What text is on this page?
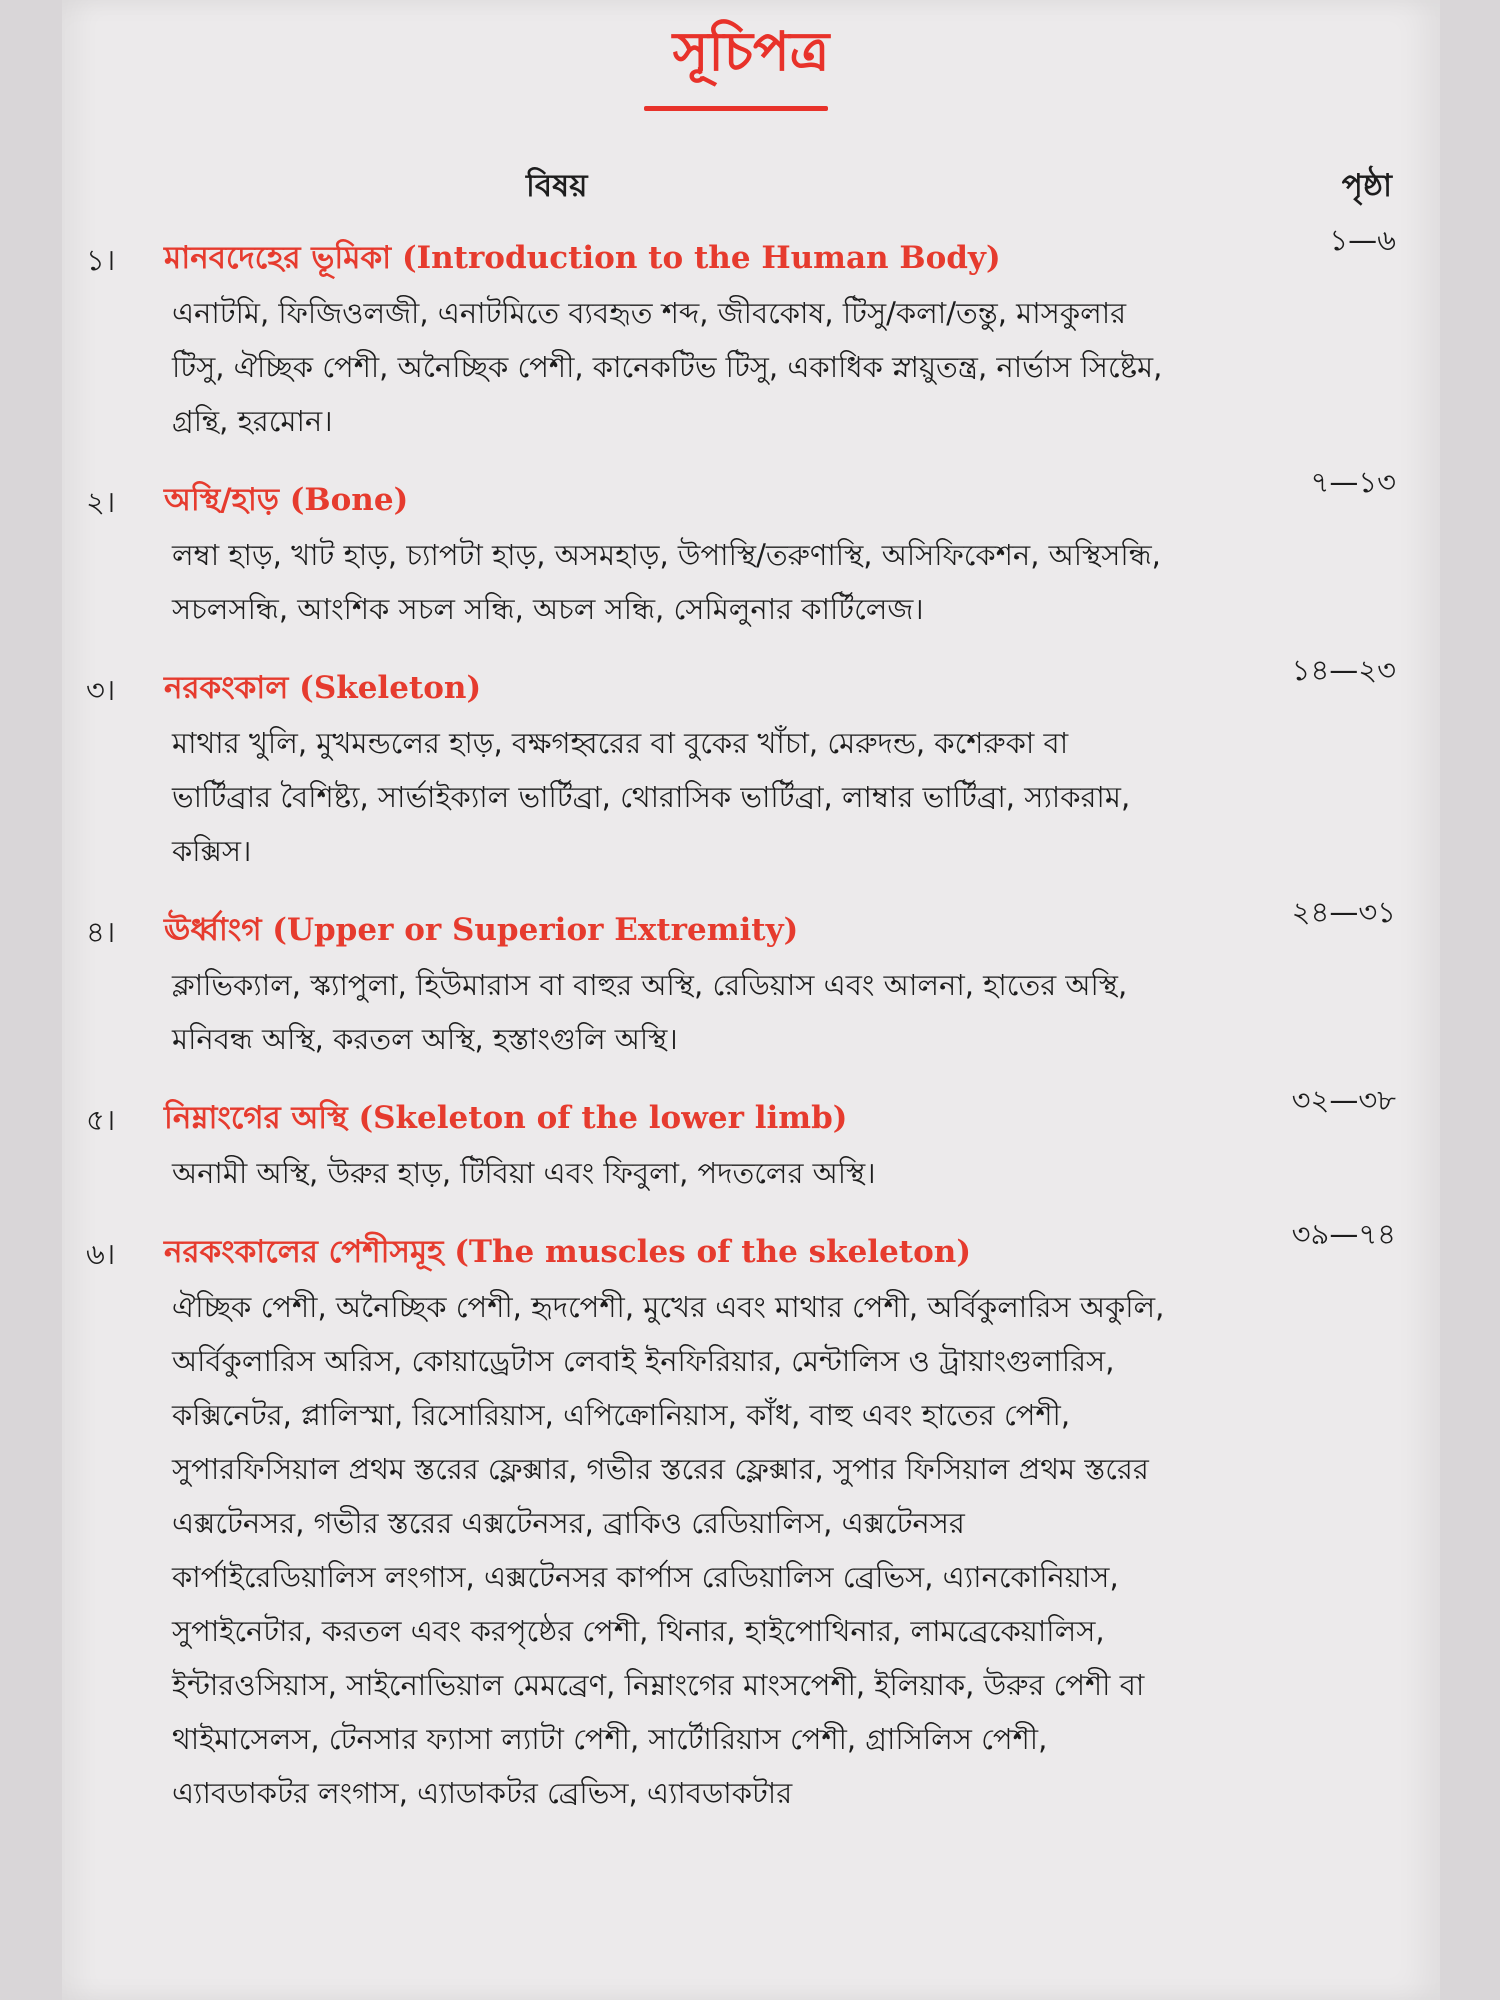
সূচিপত্র
বিষয়	পৃষ্ঠা
১। মানবদেহের ভূমিকা (Introduction to the Human Body)	১—৬
এনাটমি, ফিজিওলজী, এনাটমিতে ব্যবহৃত শব্দ, জীবকোষ, টিসু/কলা/তন্তু, মাসকুলার টিসু, ঐচ্ছিক পেশী, অনৈচ্ছিক পেশী, কানেকটিভ টিসু, একাধিক স্নায়ুতন্ত্র, নার্ভাস সিষ্টেম, গ্রন্থি, হরমোন।
২। অস্থি/হাড় (Bone)	৭—১৩
লম্বা হাড়, খাট হাড়, চ্যাপটা হাড়, অসমহাড়, উপাস্থি/তরুণাস্থি, অসিফিকেশন, অস্থিসন্ধি, সচলসন্ধি, আংশিক সচল সন্ধি, অচল সন্ধি, সেমিলুনার কার্টিলেজ।
৩। নরকংকাল (Skeleton)	১৪—২৩
মাথার খুলি, মুখমন্ডলের হাড়, বক্ষগহ্বরের বা বুকের খাঁচা, মেরুদন্ড, কশেরুকা বা ভার্টিব্রার বৈশিষ্ট্য, সার্ভাইক্যাল ভার্টিব্রা, থোরাসিক ভার্টিব্রা, লাম্বার ভার্টিব্রা, স্যাকরাম, কক্সিস।
৪। ঊর্ধ্বাংগ (Upper or Superior Extremity)	২৪—৩১
ক্লাভিক্যাল, স্ক্যাপুলা, হিউমারাস বা বাহুর অস্থি, রেডিয়াস এবং আলনা, হাতের অস্থি, মনিবন্ধ অস্থি, করতল অস্থি, হস্তাংগুলি অস্থি।
৫। নিম্নাংগের অস্থি (Skeleton of the lower limb)	৩২—৩৮
অনামী অস্থি, উরুর হাড়, টিবিয়া এবং ফিবুলা, পদতলের অস্থি।
৬। নরকংকালের পেশীসমূহ (The muscles of the skeleton)	৩৯—৭৪
ঐচ্ছিক পেশী, অনৈচ্ছিক পেশী, হৃদপেশী, মুখের এবং মাথার পেশী, অর্বিকুলারিস অকুলি, অর্বিকুলারিস অরিস, কোয়াড্রেটাস লেবাই ইনফিরিয়ার, মেন্টালিস ও ট্রায়াংগুলারিস, কক্সিনেটর, প্লালিস্মা, রিসোরিয়াস, এপিক্রোনিয়াস, কাঁধ, বাহু এবং হাতের পেশী, সুপারফিসিয়াল প্রথম স্তরের ফ্লেক্সার, গভীর স্তরের ফ্লেক্সার, সুপার ফিসিয়াল প্রথম স্তরের এক্সটেনসর, গভীর স্তরের এক্সটেনসর, ব্রাকিও রেডিয়ালিস, এক্সটেনসর কার্পাইরেডিয়ালিস লংগাস, এক্সটেনসর কার্পাস রেডিয়ালিস ব্রেভিস, এ্যানকোনিয়াস, সুপাইনেটার, করতল এবং করপৃষ্ঠের পেশী, থিনার, হাইপোথিনার, লামব্রেকেয়ালিস, ইন্টারওসিয়াস, সাইনোভিয়াল মেমব্রেণ, নিম্নাংগের মাংসপেশী, ইলিয়াক, উরুর পেশী বা থাইমাসেলস, টেনসার ফ্যাসা ল্যাটা পেশী, সার্টোরিয়াস পেশী, গ্রাসিলিস পেশী, এ্যাবডাকটর লংগাস, এ্যাডাকটর ব্রেভিস, এ্যাবডাকটার
